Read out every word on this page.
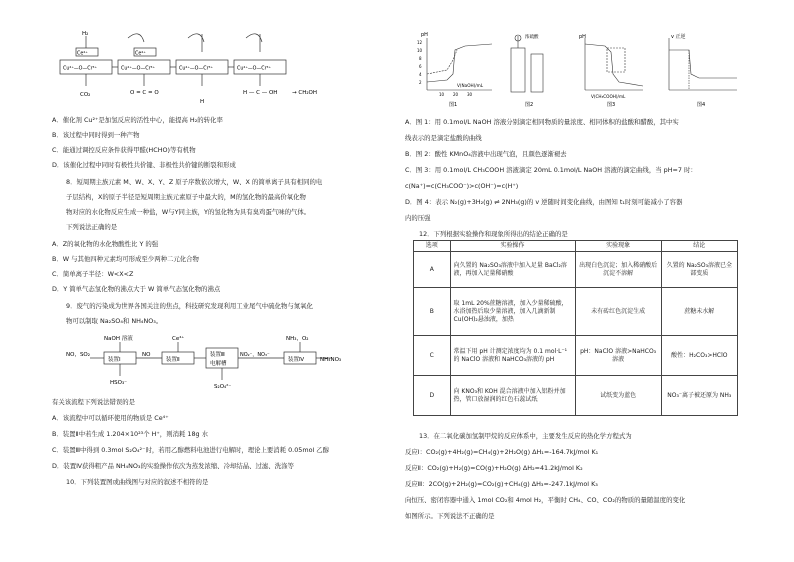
H₂
Ce⁴⁺	Ce⁴⁺
Cu²⁺—O—Cr³⁺	Cu²⁺—O—Cr³⁺	Cu²⁺—O—Cr³⁺	Cu²⁺—O—Cr³⁺
CO₂	O = C = O
H
H — C — OH	→ CH₂OH
A．催化剂 Cu²⁺是加氢反应的活性中心，能提高 H₂的转化率
B．该过程中同时得到一种产物
C．能通过调控反应条件获得甲醛(HCHO)等有机物
D．该催化过程中同时有极性共价键、非极性共价键的断裂和形成
8．短周期主族元素 M、W、X、Y、Z 原子序数依次增大，W、X 的简单离子具有相同的电
子层结构，X的原子半径是短周期主族元素原子中最大的，M的氢化物的最高价氧化物
物对应的水化物反应生成一种盐，W与Y同主族，Y的氢化物为具有臭鸡蛋气味的气体。
下列说法正确的是
A．Z的氧化物的水化物酸性比 Y 的强
B．W 与其他四种元素均可形成至少两种二元化合物
C．简单离子半径：W<X<Z
D．Y 简单气态氢化物的沸点大于 W 简单气态氢化物的沸点
9．废气的污染成为世界各国关注的焦点，科技研究发现利用工业尾气中硫化物与氮氧化
物可以制取 Na₂SO₄和 NH₄NO₃。
NaOH 溶液	Ce⁴⁺
NO，SO₂
装置Ⅰ
NO
装置Ⅱ
装置Ⅲ
电解槽
NO₂⁻，NO₃⁻
NH₃，O₂
装置Ⅳ	NH₄NO₃
HSO₃⁻
S₂O₄²⁻
有关该流程下列说法错误的是
A．该流程中可以循环使用的物质是 Ce⁴⁺
B．装置Ⅱ中若生成 1.204×10²³个 H⁺，则消耗 18g 水
C．装置Ⅲ中得到 0.3mol S₂O₄²⁻时，若用乙醇燃料电池进行电解时，理论上要消耗 0.05mol 乙醇
D．装置Ⅳ获得粗产品 NH₄NO₃的实验操作依次为蒸发浓缩、冷却结晶、过滤、洗涤等
10．下列装置图或曲线图与对应的叙述不相符的是
pH
V(NaOH)/mL
12
10
8
6
4
2
10 20 30
图1
浓硫酸
图2
pH
V(CH₃COOH)/mL
图3
v 正逆
图4
A．图 1：用 0.1mol/L NaOH 溶液分别滴定相同物质的量浓度、相同体积的盐酸和醋酸，其中实
线表示的是滴定盐酸的曲线
B．图 2：酸性 KMnO₄溶液中出现气泡，且颜色逐渐褪去
C．图 3：用 0.1mol/L CH₃COOH 溶液滴定 20mL 0.1mol/L NaOH 溶液的滴定曲线，当 pH=7 时：
c(Na⁺)=c(CH₃COO⁻)>c(OH⁻)=c(H⁺)
D．图 4：表示 N₂(g)+3H₂(g) ⇌ 2NH₃(g)的 v 逆随时间变化曲线，由图知 t₁时刻可能减小了容器
内的压强
12．下列根据实验操作和现象所得出的结论正确的是
选项	实验操作	实验现象	结论
A	向久置的 Na₂SO₃溶液中加入足量 BaCl₂溶液，再加入足量稀硝酸	出现白色沉淀；加入稀硝酸后沉淀不溶解	久置的 Na₂SO₃溶液已全部变质
B	取 1mL 20%蔗糖溶液，加入少量稀硫酸，水浴加热后取少量溶液，加入几滴新制 Cu(OH)₂悬浊液，加热	未有砖红色沉淀生成	蔗糖未水解
C	常温下用 pH 计测定浓度均为 0.1 mol·L⁻¹的 NaClO 溶液和 NaHCO₃溶液的 pH	pH：NaClO 溶液>NaHCO₃溶液	酸性：H₂CO₃>HClO
D	向 KNO₃和 KOH 混合溶液中加入铝粉并加热，管口放湿润的红色石蕊试纸	试纸变为蓝色	NO₃⁻离子被还原为 NH₃
13．在二氧化碳加氢制甲烷的反应体系中，主要发生反应的热化学方程式为
反应Ⅰ：CO₂(g)+4H₂(g)=CH₄(g)+2H₂O(g) ΔH₁=-164.7kJ/mol K₁
反应Ⅱ：CO₂(g)+H₂(g)=CO(g)+H₂O(g) ΔH₂=41.2kJ/mol K₂
反应Ⅲ：2CO(g)+2H₂(g)=CO₂(g)+CH₄(g) ΔH₃=-247.1kJ/mol K₃
向恒压、密闭容器中通入 1mol CO₂和 4mol H₂，平衡时 CH₄、CO、CO₂的物质的量随温度的变化
如图所示。下列说法不正确的是
